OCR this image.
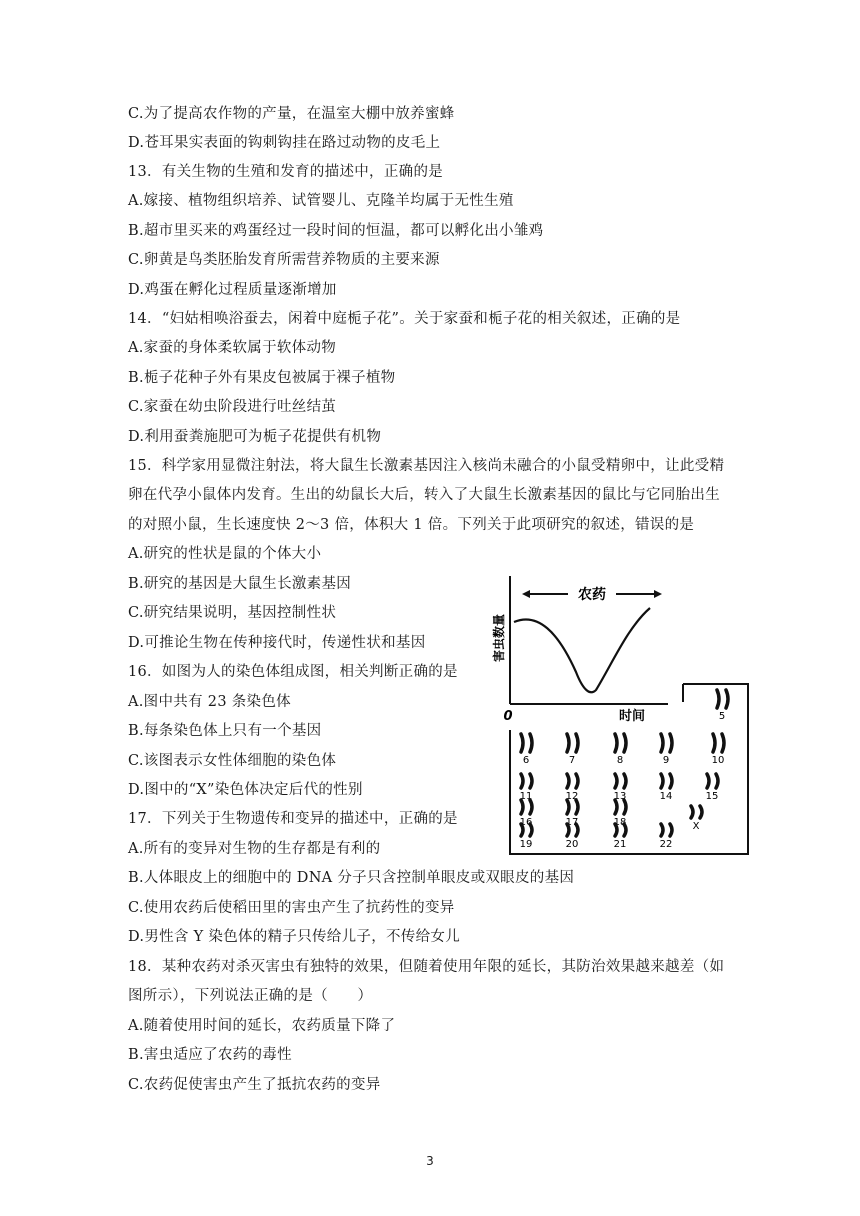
C.为了提高农作物的产量，在温室大棚中放养蜜蜂
D.苍耳果实表面的钩刺钩挂在路过动物的皮毛上
13．有关生物的生殖和发育的描述中，正确的是
A.嫁接、植物组织培养、试管婴儿、克隆羊均属于无性生殖
B.超市里买来的鸡蛋经过一段时间的恒温，都可以孵化出小雏鸡
C.卵黄是鸟类胚胎发育所需营养物质的主要来源
D.鸡蛋在孵化过程质量逐渐增加
14．“妇姑相唤浴蚕去，闲着中庭栀子花”。关于家蚕和栀子花的相关叙述，正确的是
A.家蚕的身体柔软属于软体动物
B.栀子花种子外有果皮包被属于裸子植物
C.家蚕在幼虫阶段进行吐丝结茧
D.利用蚕粪施肥可为栀子花提供有机物
15．科学家用显微注射法，将大鼠生长激素基因注入核尚未融合的小鼠受精卵中，让此受精
卵在代孕小鼠体内发育。生出的幼鼠长大后，转入了大鼠生长激素基因的鼠比与它同胎出生
的对照小鼠，生长速度快 2～3 倍，体积大 1 倍。下列关于此项研究的叙述，错误的是
A.研究的性状是鼠的个体大小
B.研究的基因是大鼠生长激素基因
C.研究结果说明，基因控制性状
D.可推论生物在传种接代时，传递性状和基因
16．如图为人的染色体组成图，相关判断正确的是
A.图中共有 23 条染色体
B.每条染色体上只有一个基因
C.该图表示女性体细胞的染色体
D.图中的“X”染色体决定后代的性别
17．下列关于生物遗传和变异的描述中，正确的是
A.所有的变异对生物的生存都是有利的
B.人体眼皮上的细胞中的 DNA 分子只含控制单眼皮或双眼皮的基因
C.使用农药后使稻田里的害虫产生了抗药性的变异
D.男性含 Y 染色体的精子只传给儿子，不传给女儿
18．某种农药对杀灭害虫有独特的效果，但随着使用年限的延长，其防治效果越来越差（如
图所示），下列说法正确的是（　　）
A.随着使用时间的延长，农药质量下降了
B.害虫适应了农药的毒性
C.农药促使害虫产生了抵抗农药的变异
农药
害虫数量
时间
0	5
6	7	8	9	10
11	12	13	14	15
16	17	18
19	20	21	22
X
3
